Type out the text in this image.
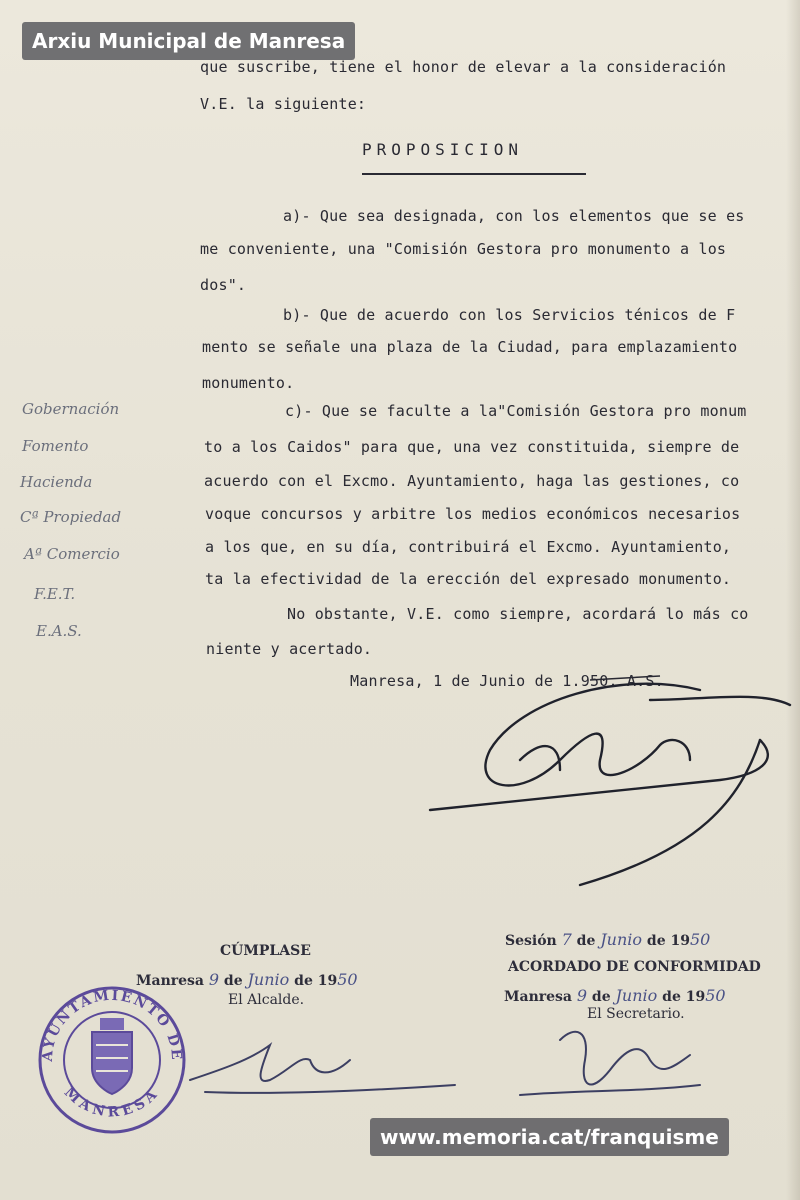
Arxiu Municipal de Manresa
que suscribe, tiene el honor de elevar a la consideración
V.E. la siguiente:
PROPOSICION
a)- Que sea designada, con los elementos que se es
me conveniente, una "Comisión Gestora pro monumento a los
dos".
b)- Que de acuerdo con los Servicios ténicos de F
mento se señale una plaza de la Ciudad, para emplazamiento
monumento.
c)- Que se faculte a la"Comisión Gestora pro monum
to a los Caidos" para que, una vez constituida, siempre de
acuerdo con el Excmo. Ayuntamiento, haga las gestiones, co
voque concursos y arbitre los medios económicos necesarios
a los que, en su día, contribuirá el Excmo. Ayuntamiento,
ta la efectividad de la erección del expresado monumento.
No obstante, V.E. como siempre, acordará lo más co
niente y acertado.
Manresa, 1 de Junio de 1.950. A.S.
Gobernación
Fomento
Hacienda
Cª Propiedad
Aª Comercio
F.E.T.
E.A.S.
CÚMPLASE
Manresa 9 de Junio de 1950
El Alcalde.
Sesión 7 de Junio de 1950
ACORDADO DE CONFORMIDAD
Manresa 9 de Junio de 1950
El Secretario.
AYUNTAMIENTO DE
MANRESA
www.memoria.cat/franquisme
